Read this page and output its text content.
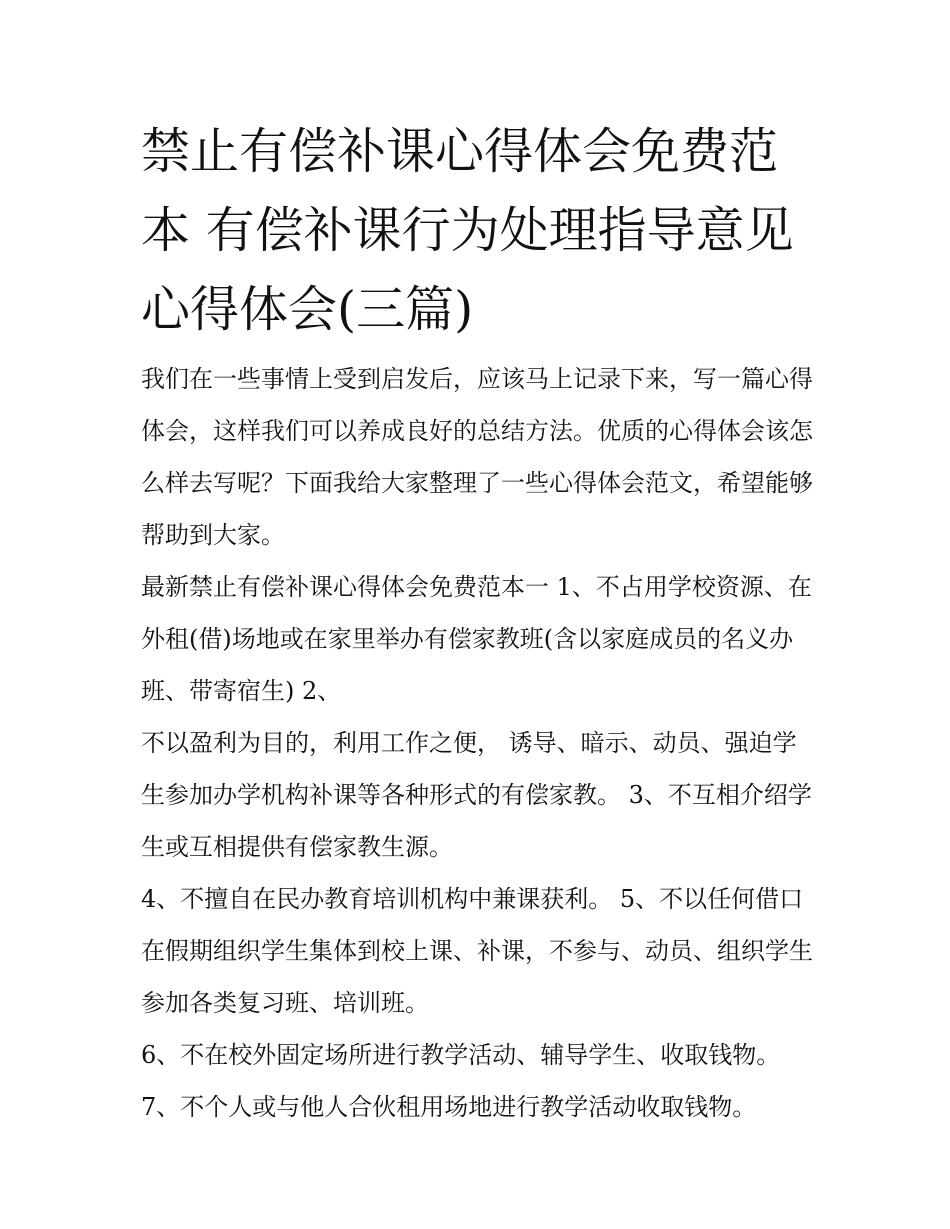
禁止有偿补课心得体会免费范本 有偿补课行为处理指导意见心得体会(三篇)

我们在一些事情上受到启发后，应该马上记录下来，写一篇心得体会，这样我们可以养成良好的总结方法。优质的心得体会该怎么样去写呢？下面我给大家整理了一些心得体会范文，希望能够帮助到大家。

最新禁止有偿补课心得体会免费范本一 1、不占用学校资源、在外租(借)场地或在家里举办有偿家教班(含以家庭成员的名义办班、带寄宿生) 2、

不以盈利为目的，利用工作之便， 诱导、暗示、动员、强迫学生参加办学机构补课等各种形式的有偿家教。 3、不互相介绍学生或互相提供有偿家教生源。

4、不擅自在民办教育培训机构中兼课获利。 5、不以任何借口在假期组织学生集体到校上课、补课，不参与、动员、组织学生参加各类复习班、培训班。

6、不在校外固定场所进行教学活动、辅导学生、收取钱物。

7、不个人或与他人合伙租用场地进行教学活动收取钱物。
